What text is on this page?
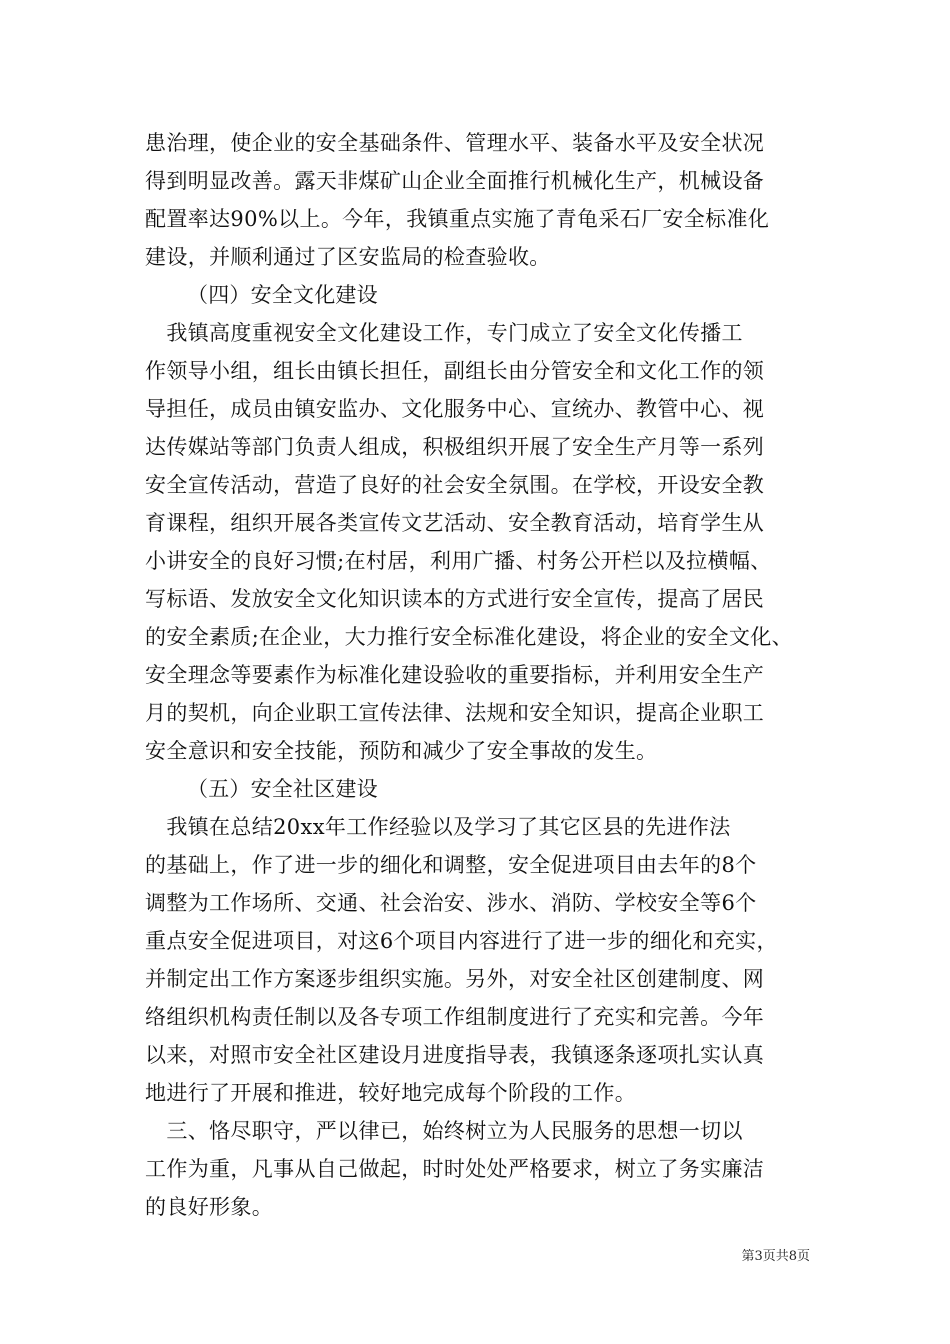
患治理，使企业的安全基础条件、管理水平、装备水平及安全状况
得到明显改善。露天非煤矿山企业全面推行机械化生产，机械设备
配置率达90%以上。今年，我镇重点实施了青龟采石厂安全标准化
建设，并顺利通过了区安监局的检查验收。
（四）安全文化建设
　我镇高度重视安全文化建设工作，专门成立了安全文化传播工
作领导小组，组长由镇长担任，副组长由分管安全和文化工作的领
导担任，成员由镇安监办、文化服务中心、宣统办、教管中心、视
达传媒站等部门负责人组成，积极组织开展了安全生产月等一系列
安全宣传活动，营造了良好的社会安全氛围。在学校，开设安全教
育课程，组织开展各类宣传文艺活动、安全教育活动，培育学生从
小讲安全的良好习惯;在村居，利用广播、村务公开栏以及拉横幅、
写标语、发放安全文化知识读本的方式进行安全宣传，提高了居民
的安全素质;在企业，大力推行安全标准化建设，将企业的安全文化、
安全理念等要素作为标准化建设验收的重要指标，并利用安全生产
月的契机，向企业职工宣传法律、法规和安全知识，提高企业职工
安全意识和安全技能，预防和减少了安全事故的发生。
（五）安全社区建设
　我镇在总结20xx年工作经验以及学习了其它区县的先进作法
的基础上，作了进一步的细化和调整，安全促进项目由去年的8个
调整为工作场所、交通、社会治安、涉水、消防、学校安全等6个
重点安全促进项目，对这6个项目内容进行了进一步的细化和充实，
并制定出工作方案逐步组织实施。另外，对安全社区创建制度、网
络组织机构责任制以及各专项工作组制度进行了充实和完善。今年
以来，对照市安全社区建设月进度指导表，我镇逐条逐项扎实认真
地进行了开展和推进，较好地完成每个阶段的工作。
　三、恪尽职守，严以律已，始终树立为人民服务的思想一切以
工作为重，凡事从自己做起，时时处处严格要求，树立了务实廉洁
的良好形象。
第3页共8页
